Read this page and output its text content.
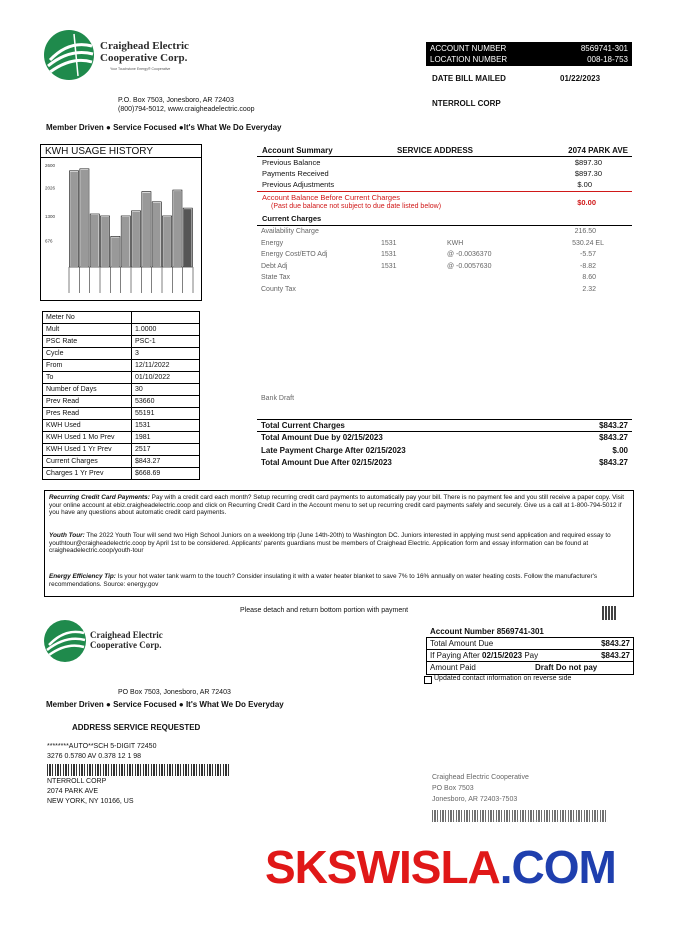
Craighead Electric
Cooperative Corp.
Your Touchstone Energy® Cooperative
ACCOUNT NUMBER	8569741-301
LOCATION NUMBER	008-18-753
DATE BILL MAILED	01/22/2023
NTERROLL CORP
P.O. Box 7503, Jonesboro, AR 72403
(800)794-5012, www.craigheadelectric.coop
Member Driven ● Service Focused ●It's What We Do Everyday
KWH USAGE HISTORY
2600
2026
1300
676
Meter No	
Mult	1.0000
PSC Rate	PSC-1
Cycle	3
From	12/11/2022
To	01/10/2022
Number of Days	30
Prev Read	53660
Pres Read	55191
KWH Used	1531
KWH Used 1 Mo Prev	1981
KWH Used 1 Yr Prev	2517
Current Charges	$843.27
Charges 1 Yr Prev	$668.69
Account Summary	SERVICE ADDRESS	2074 PARK AVE
Previous Balance	$897.30
Payments Received	$897.30
Previous Adjustments	$.00
Account Balance Before Current Charges
(Past due balance not subject to due date listed below)	$0.00
Current Charges
Availability Charge	216.50
Energy	1531	KWH	530.24 EL
Energy Cost/ETO Adj	1531	@ -0.0036370	-5.57
Debt Adj	1531	@ -0.0057630	-8.82
State Tax	8.60
County Tax	2.32
Bank Draft
Total Current Charges	$843.27
Total Amount Due by 02/15/2023	$843.27
Late Payment Charge After 02/15/2023	$.00
Total Amount Due After 02/15/2023	$843.27
Recurring Credit Card Payments: Pay with a credit card each month? Setup recurring credit card payments to automatically pay your bill. There is no payment fee and you still receive a paper copy. Visit your online account at ebiz.craigheadelectric.coop and click on Recurring Credit Card in the Account menu to set up recurring credit card payments safely and securely. Give us a call at 1-800-794-5012 if you have any questions about automatic credit card payments.
Youth Tour: The 2022 Youth Tour will send two High School Juniors on a weeklong trip (June 14th-20th) to Washington DC. Juniors interested in applying must send application and required essay to youthtour@craigheadelectric.coop by April 1st to be considered. Applicants' parents guardians must be members of Craighead Electric. Application form and essay information can be found at craigheadelectric.coop/youth-tour
Energy Efficiency Tip: Is your hot water tank warm to the touch? Consider insulating it with a water heater blanket to save 7% to 16% annually on water heating costs. Follow the manufacturer's recommendations. Source: energy.gov
Please detach and return bottom portion with payment
Craighead Electric
Cooperative Corp.
Account Number 8569741-301
Total Amount Due	$843.27
If Paying After 02/15/2023 Pay	$843.27
Amount Paid	Draft Do not pay
Updated contact information on reverse side
PO Box 7503, Jonesboro, AR 72403
Member Driven ● Service Focused ● It's What We Do Everyday
ADDRESS SERVICE REQUESTED
********AUTO**SCH 5-DIGIT 72450
3276 0.5780 AV 0.378 12 1 98
NTERROLL CORP
2074 PARK AVE
NEW YORK, NY 10166, US
Craighead Electric Cooperative
PO Box 7503
Jonesboro, AR 72403-7503
SKSWISLA.COM
